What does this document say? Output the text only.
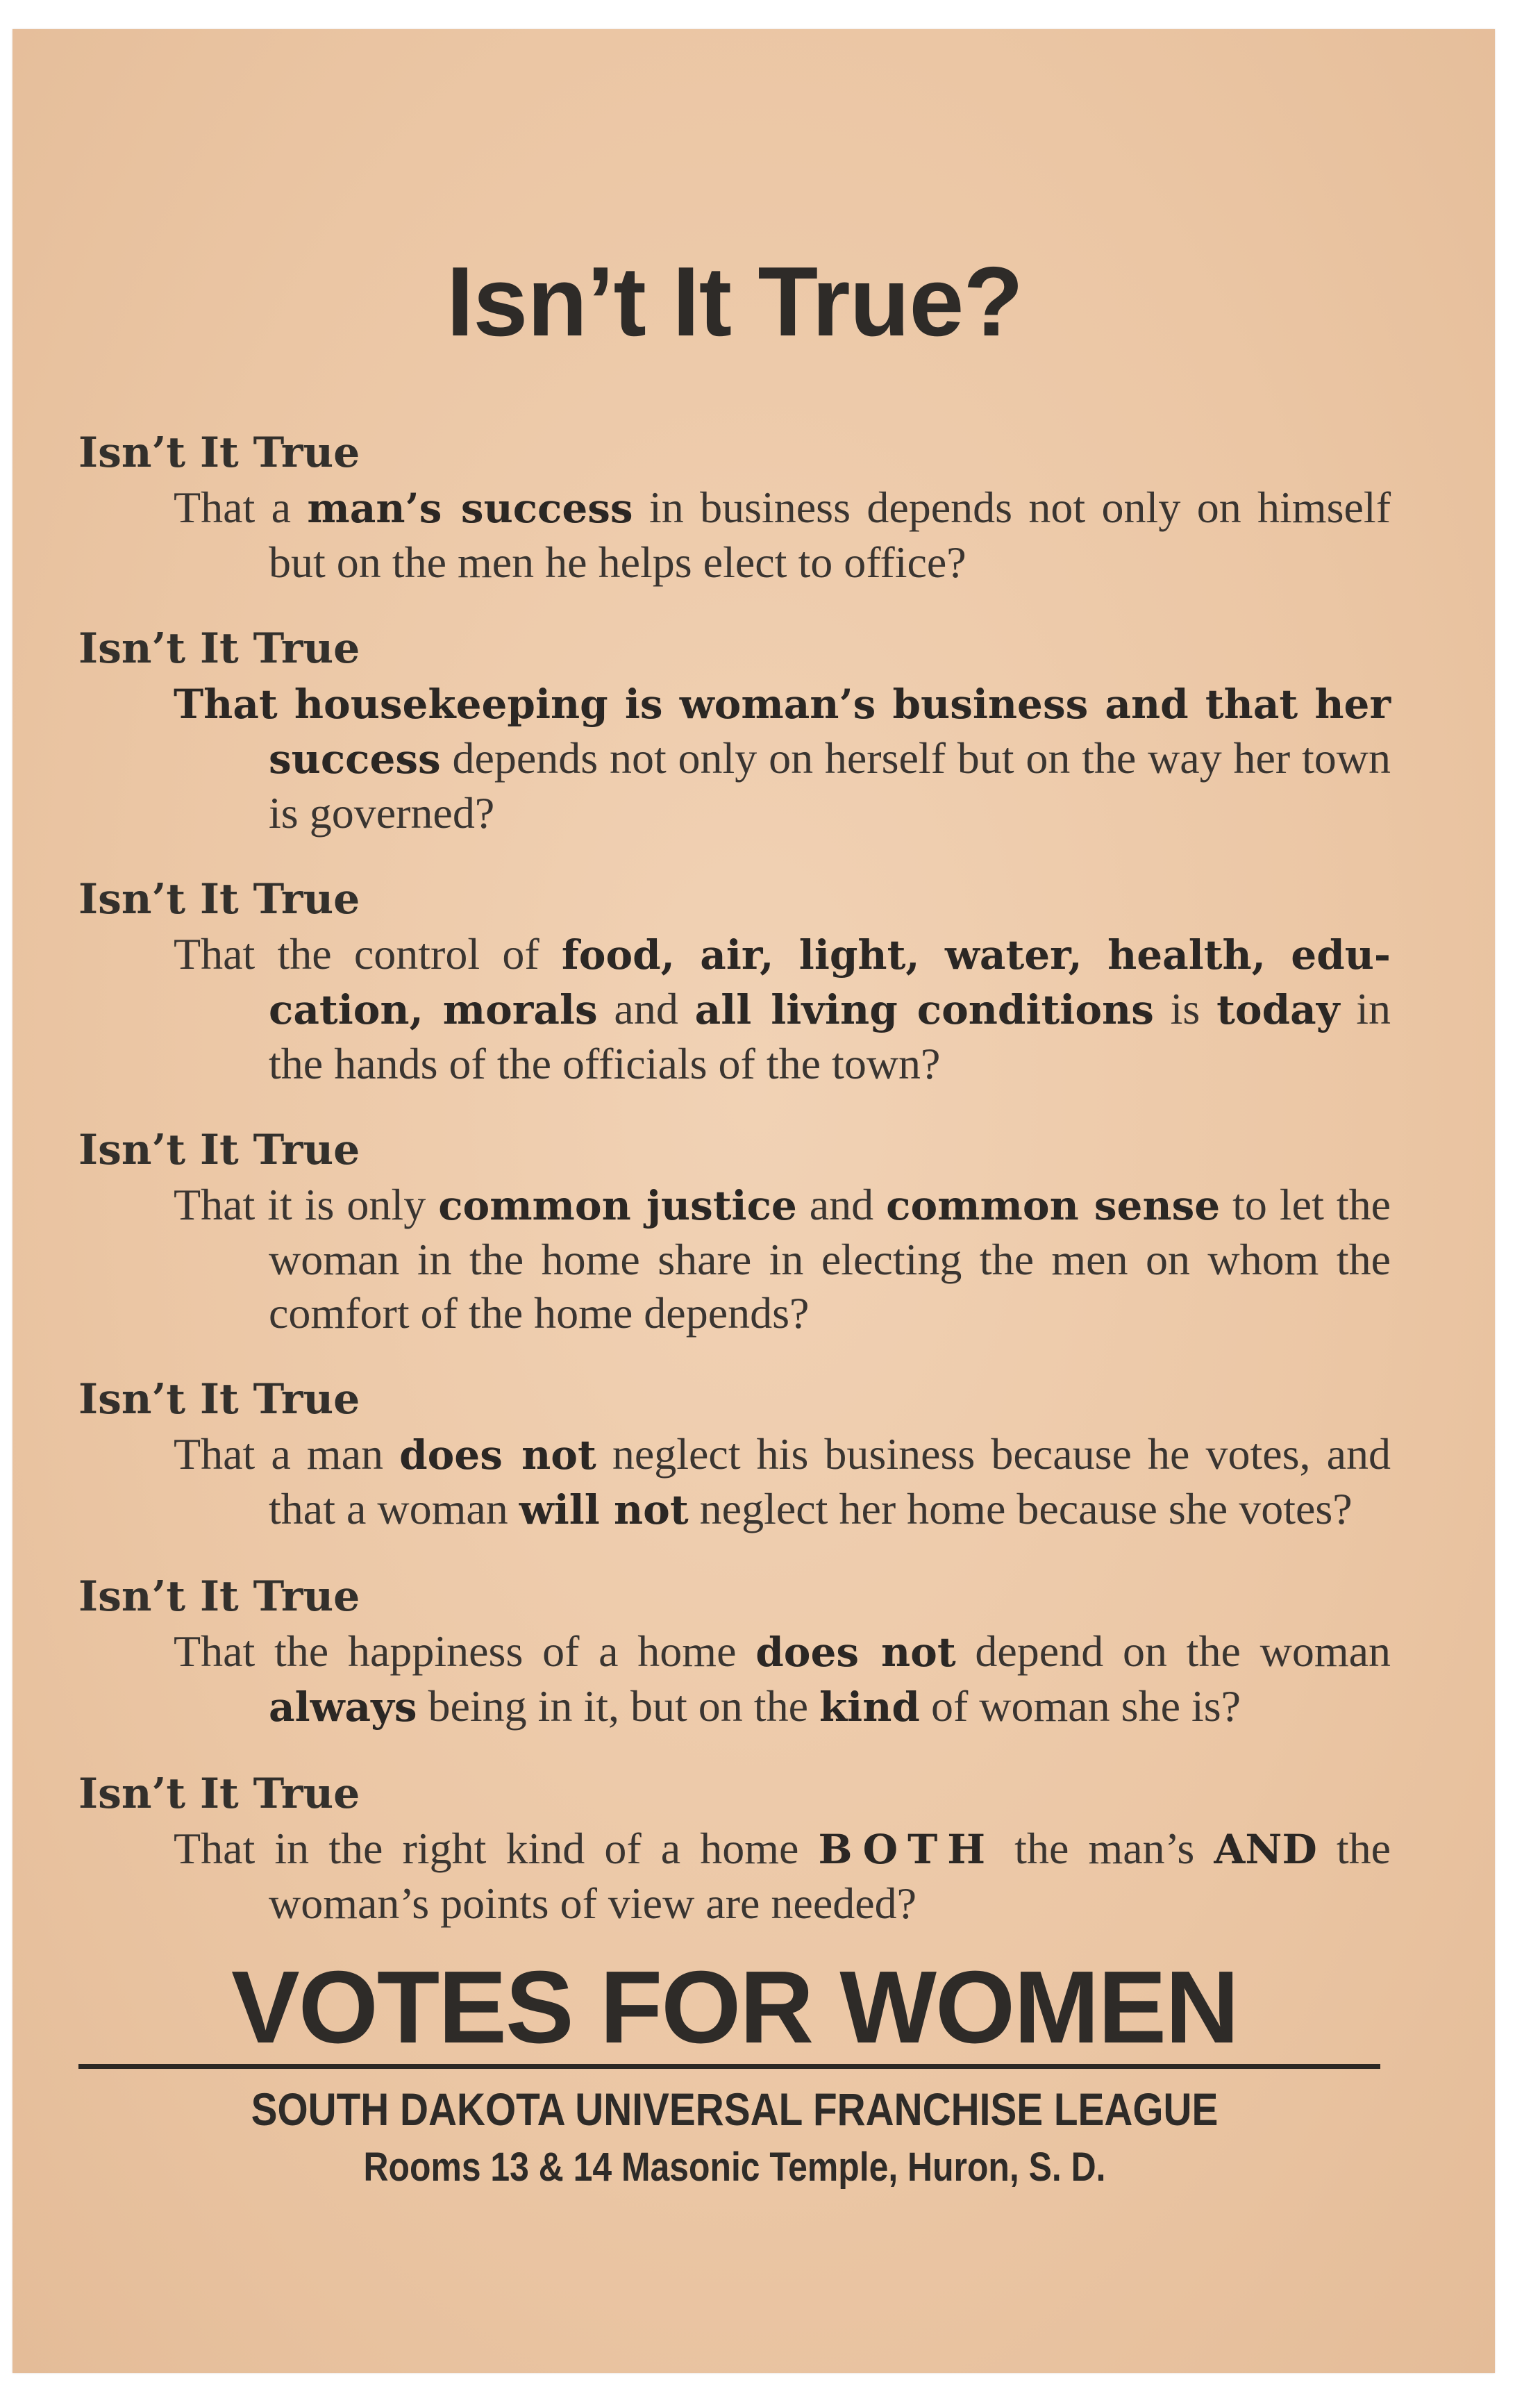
Isn’t It True?

Isn’t It True

That a man’s success in business depends not only on himself but on the men he helps elect to office?

Isn’t It True

That housekeeping is woman’s business and that her success depends not only on herself but on the way her town is governed?

Isn’t It True

That the control of food, air, light, water, health, edu-cation, morals and all living conditions is today in the hands of the officials of the town?

Isn’t It True

That it is only common justice and common sense to let the woman in the home share in electing the men on whom the comfort of the home depends?

Isn’t It True

That a man does not neglect his business because he votes, and that a woman will not neglect her home because she votes?

Isn’t It True

That the happiness of a home does not depend on the woman always being in it, but on the kind of woman she is?

Isn’t It True

That in the right kind of a home BOTH the man’s AND the woman’s points of view are needed?

VOTES FOR WOMEN
SOUTH DAKOTA UNIVERSAL FRANCHISE LEAGUE
Rooms 13 & 14 Masonic Temple, Huron, S. D.
